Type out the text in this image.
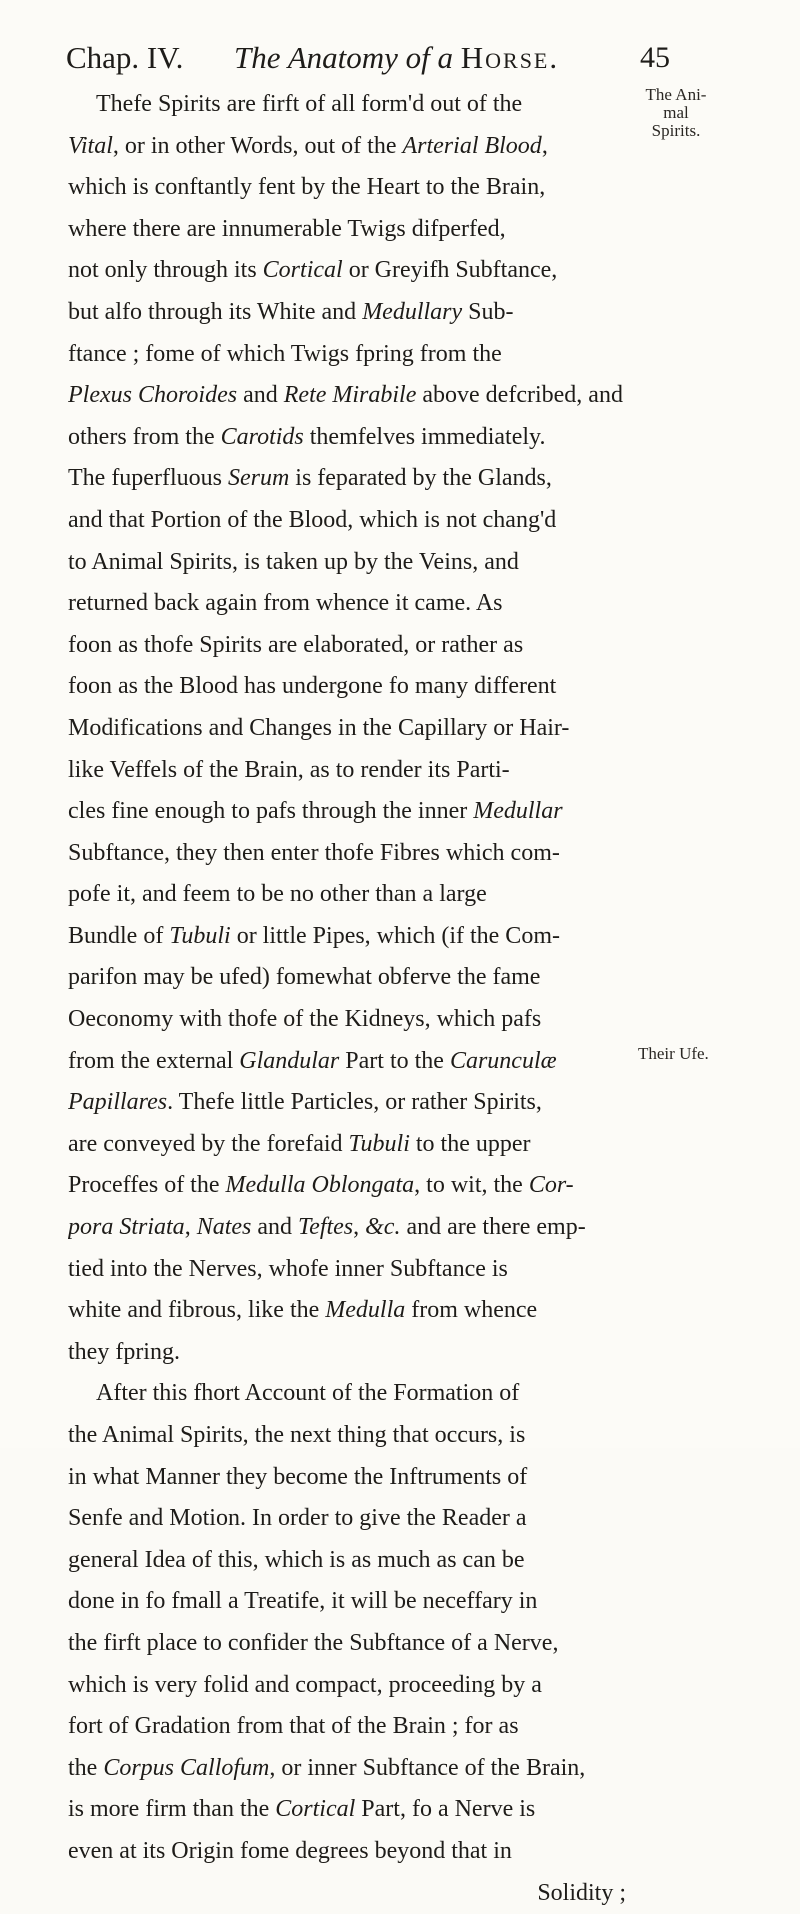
Chap. IV. The Anatomy of a Horse.	45
The Ani-
mal Spirits.
Their Ufe.
Thefe Spirits are firft of all form'd out of the
Vital, or in other Words, out of the Arterial Blood,
which is conftantly fent by the Heart to the Brain,
where there are innumerable Twigs difperfed,
not only through its Cortical or Greyifh Subftance,
but alfo through its White and Medullary Sub-
ftance ; fome of which Twigs fpring from the
Plexus Choroides and Rete Mirabile above defcribed, and
others from the Carotids themfelves immediately.
The fuperfluous Serum is feparated by the Glands,
and that Portion of the Blood, which is not chang'd
to Animal Spirits, is taken up by the Veins, and
returned back again from whence it came. As
foon as thofe Spirits are elaborated, or rather as
foon as the Blood has undergone fo many different
Modifications and Changes in the Capillary or Hair-
like Veffels of the Brain, as to render its Parti-
cles fine enough to pafs through the inner Medullar
Subftance, they then enter thofe Fibres which com-
pofe it, and feem to be no other than a large
Bundle of Tubuli or little Pipes, which (if the Com-
parifon may be ufed) fomewhat obferve the fame
Oeconomy with thofe of the Kidneys, which pafs
from the external Glandular Part to the Carunculæ
Papillares. Thefe little Particles, or rather Spirits,
are conveyed by the forefaid Tubuli to the upper
Proceffes of the Medulla Oblongata, to wit, the Cor-
pora Striata, Nates and Teftes, &c. and are there emp-
tied into the Nerves, whofe inner Subftance is
white and fibrous, like the Medulla from whence
they fpring.
After this fhort Account of the Formation of
the Animal Spirits, the next thing that occurs, is
in what Manner they become the Inftruments of
Senfe and Motion. In order to give the Reader a
general Idea of this, which is as much as can be
done in fo fmall a Treatife, it will be neceffary in
the firft place to confider the Subftance of a Nerve,
which is very folid and compact, proceeding by a
fort of Gradation from that of the Brain ; for as
the Corpus Callofum, or inner Subftance of the Brain,
is more firm than the Cortical Part, fo a Nerve is
even at its Origin fome degrees beyond that in
Solidity ;
